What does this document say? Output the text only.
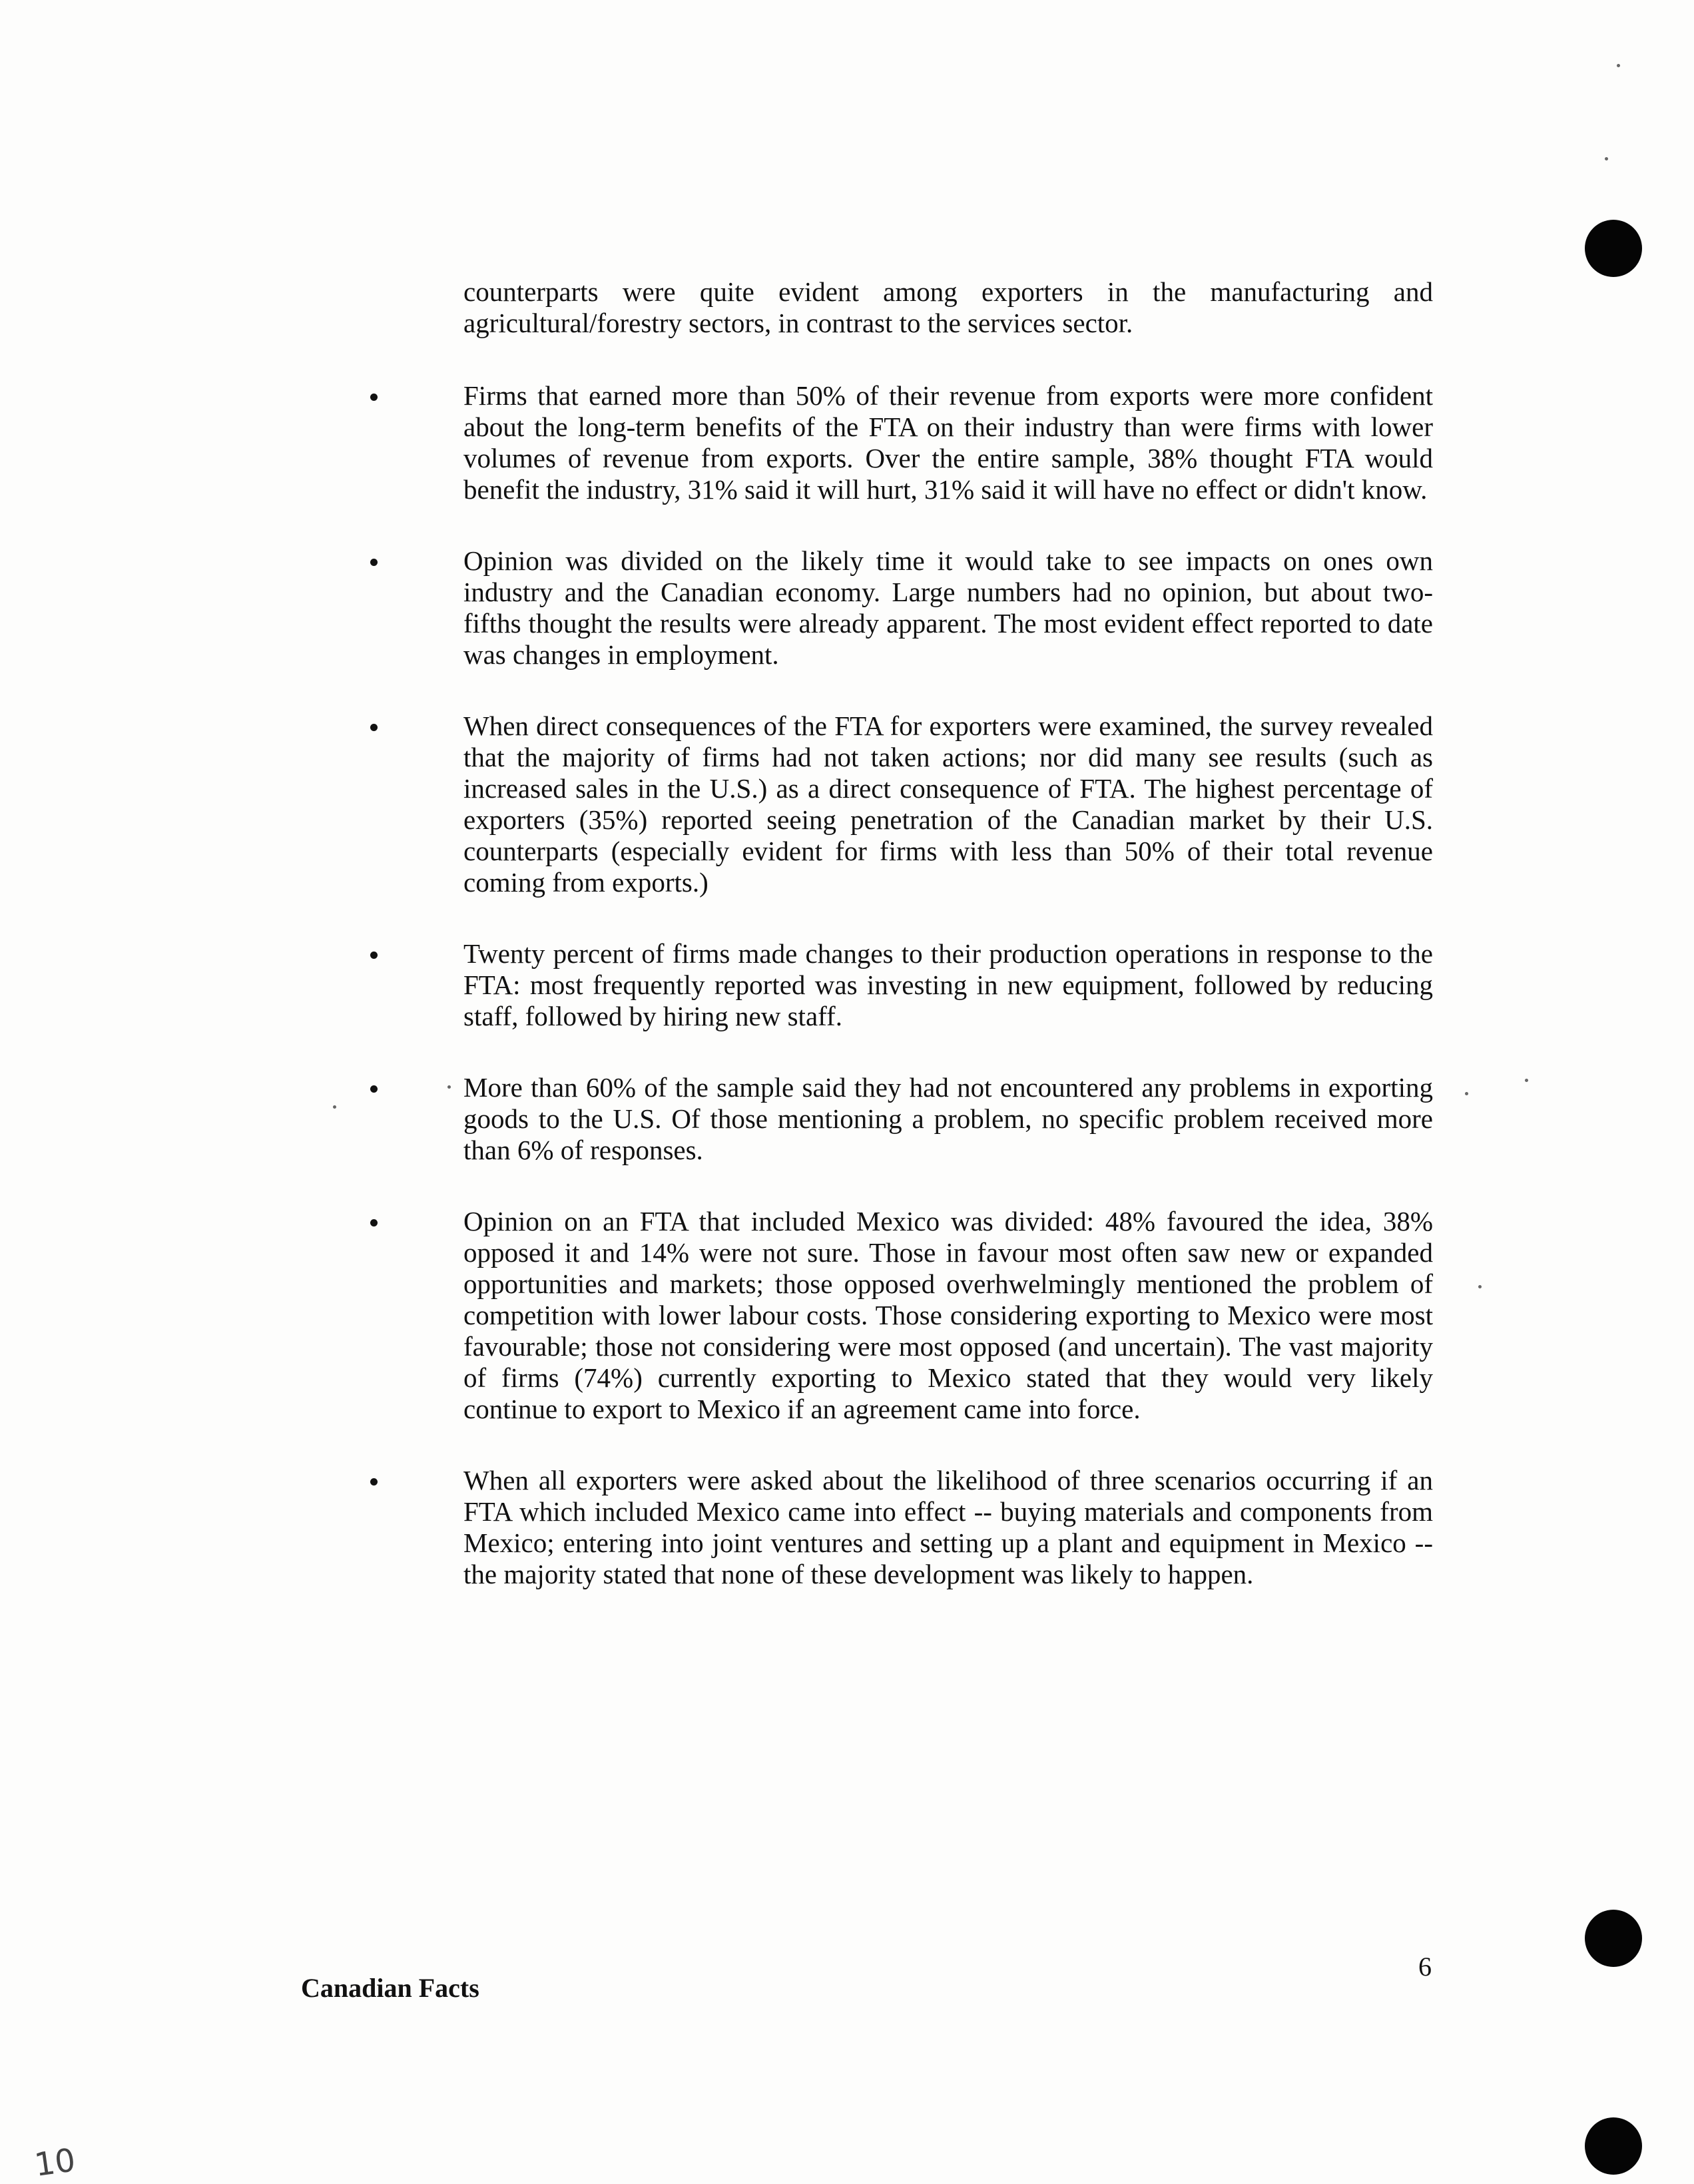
counterparts were quite evident among exporters in the manufacturing and agricultural/forestry sectors, in contrast to the services sector.

Firms that earned more than 50% of their revenue from exports were more confident about the long-term benefits of the FTA on their industry than were firms with lower volumes of revenue from exports. Over the entire sample, 38% thought FTA would benefit the industry, 31% said it will hurt, 31% said it will have no effect or didn't know.

Opinion was divided on the likely time it would take to see impacts on ones own industry and the Canadian economy. Large numbers had no opinion, but about two-fifths thought the results were already apparent. The most evident effect reported to date was changes in employment.

When direct consequences of the FTA for exporters were examined, the survey revealed that the majority of firms had not taken actions; nor did many see results (such as increased sales in the U.S.) as a direct consequence of FTA. The highest percentage of exporters (35%) reported seeing penetration of the Canadian market by their U.S. counterparts (especially evident for firms with less than 50% of their total revenue coming from exports.)

Twenty percent of firms made changes to their production operations in response to the FTA: most frequently reported was investing in new equipment, followed by reducing staff, followed by hiring new staff.

More than 60% of the sample said they had not encountered any problems in exporting goods to the U.S. Of those mentioning a problem, no specific problem received more than 6% of responses.

Opinion on an FTA that included Mexico was divided: 48% favoured the idea, 38% opposed it and 14% were not sure. Those in favour most often saw new or expanded opportunities and markets; those opposed overhwelmingly mentioned the problem of competition with lower labour costs. Those considering exporting to Mexico were most favourable; those not considering were most opposed (and uncertain). The vast majority of firms (74%) currently exporting to Mexico stated that they would very likely continue to export to Mexico if an agreement came into force.

When all exporters were asked about the likelihood of three scenarios occurring if an FTA which included Mexico came into effect -- buying materials and components from Mexico; entering into joint ventures and setting up a plant and equipment in Mexico -- the majority stated that none of these development was likely to happen.

Canadian Facts
6
10
